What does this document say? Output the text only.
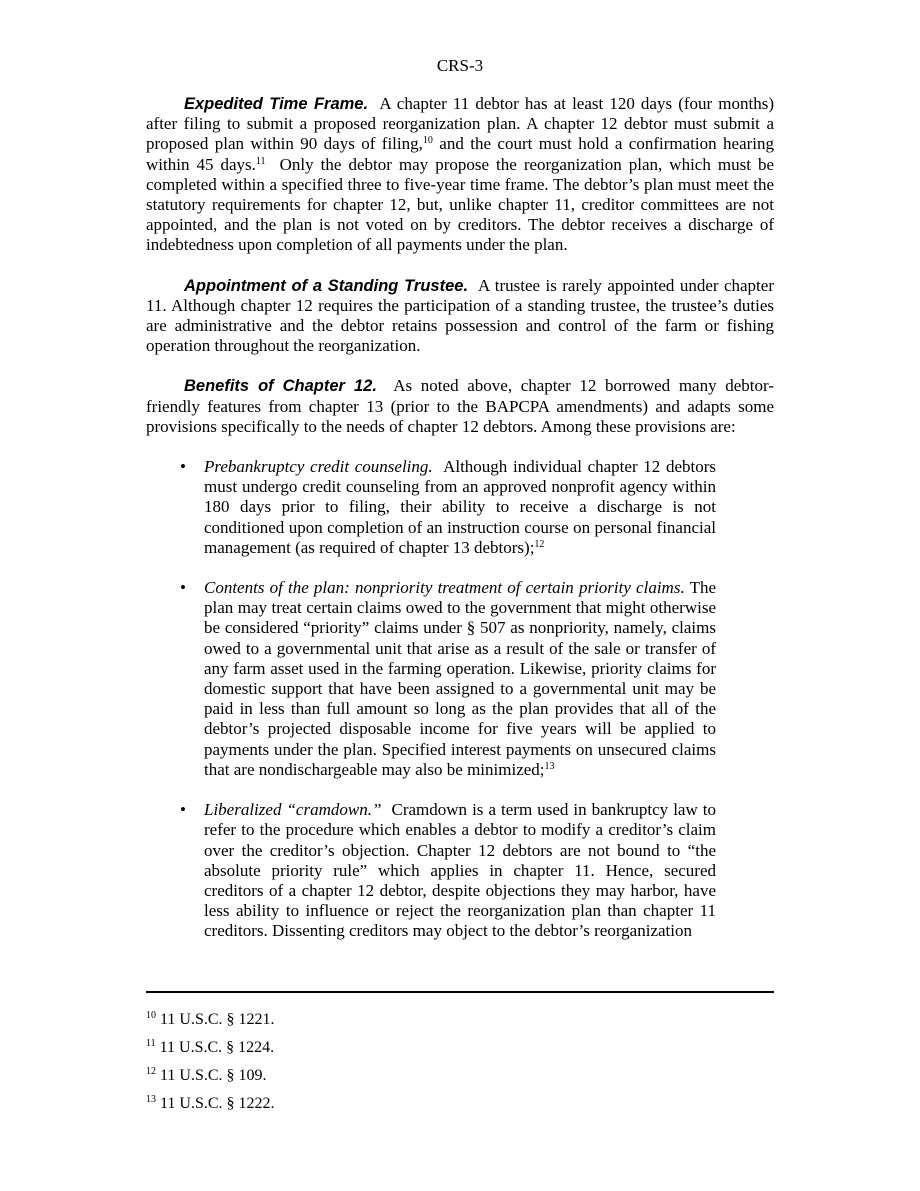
CRS-3

Expedited Time Frame. A chapter 11 debtor has at least 120 days (four months) after filing to submit a proposed reorganization plan. A chapter 12 debtor must submit a proposed plan within 90 days of filing,$^{10}$ and the court must hold a confirmation hearing within 45 days.$^{11}$ Only the debtor may propose the reorganization plan, which must be completed within a specified three to five-year time frame. The debtor’s plan must meet the statutory requirements for chapter 12, but, unlike chapter 11, creditor committees are not appointed, and the plan is not voted on by creditors. The debtor receives a discharge of indebtedness upon completion of all payments under the plan.

Appointment of a Standing Trustee. A trustee is rarely appointed under chapter 11. Although chapter 12 requires the participation of a standing trustee, the trustee’s duties are administrative and the debtor retains possession and control of the farm or fishing operation throughout the reorganization.

Benefits of Chapter 12. As noted above, chapter 12 borrowed many debtor-friendly features from chapter 13 (prior to the BAPCPA amendments) and adapts some provisions specifically to the needs of chapter 12 debtors. Among these provisions are:

• Prebankruptcy credit counseling. Although individual chapter 12 debtors must undergo credit counseling from an approved nonprofit agency within 180 days prior to filing, their ability to receive a discharge is not conditioned upon completion of an instruction course on personal financial management (as required of chapter 13 debtors);$^{12}$
• Contents of the plan: nonpriority treatment of certain priority claims. The plan may treat certain claims owed to the government that might otherwise be considered “priority” claims under § 507 as nonpriority, namely, claims owed to a governmental unit that arise as a result of the sale or transfer of any farm asset used in the farming operation. Likewise, priority claims for domestic support that have been assigned to a governmental unit may be paid in less than full amount so long as the plan provides that all of the debtor’s projected disposable income for five years will be applied to payments under the plan. Specified interest payments on unsecured claims that are nondischargeable may also be minimized;$^{13}$
• Liberalized “cramdown.” Cramdown is a term used in bankruptcy law to refer to the procedure which enables a debtor to modify a creditor’s claim over the creditor’s objection. Chapter 12 debtors are not bound to “the absolute priority rule” which applies in chapter 11. Hence, secured creditors of a chapter 12 debtor, despite objections they may harbor, have less ability to influence or reject the reorganization plan than chapter 11 creditors. Dissenting creditors may object to the debtor’s reorganization

$^{10}$ 11 U.S.C. § 1221.

$^{11}$ 11 U.S.C. § 1224.

$^{12}$ 11 U.S.C. § 109.

$^{13}$ 11 U.S.C. § 1222.
